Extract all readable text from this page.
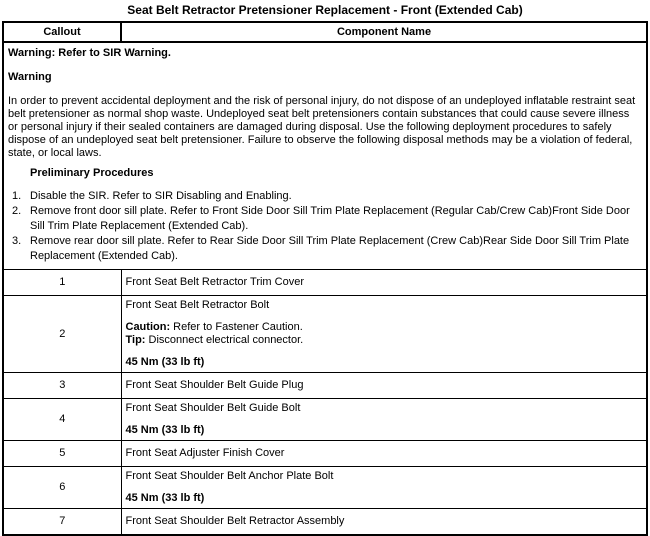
Seat Belt Retractor Pretensioner Replacement - Front (Extended Cab)
Callout	Component Name

Warning: Refer to SIR Warning.

Warning

In order to prevent accidental deployment and the risk of personal injury, do not dispose of an undeployed inflatable restraint seat belt pretensioner as normal shop waste. Undeployed seat belt pretensioners contain substances that could cause severe illness or personal injury if their sealed containers are damaged during disposal. Use the following deployment procedures to safely dispose of an undeployed seat belt pretensioner. Failure to observe the following disposal methods may be a violation of federal, state, or local laws.

Preliminary Procedures

1. Disable the SIR. Refer to SIR Disabling and Enabling.
2. Remove front door sill plate. Refer to Front Side Door Sill Trim Plate Replacement (Regular Cab/Crew Cab)Front Side Door Sill Trim Plate Replacement (Extended Cab).
3. Remove rear door sill plate. Refer to Rear Side Door Sill Trim Plate Replacement (Crew Cab)Rear Side Door Sill Trim Plate Replacement (Extended Cab).

1	Front Seat Belt Retractor Trim Cover

2	Front Seat Belt Retractor Bolt
Caution: Refer to Fastener Caution.
Tip: Disconnect electrical connector.
45 Nm (33 lb ft)

3	Front Seat Shoulder Belt Guide Plug

4	Front Seat Shoulder Belt Guide Bolt
45 Nm (33 lb ft)

5	Front Seat Adjuster Finish Cover

6	Front Seat Shoulder Belt Anchor Plate Bolt
45 Nm (33 lb ft)

7	Front Seat Shoulder Belt Retractor Assembly
